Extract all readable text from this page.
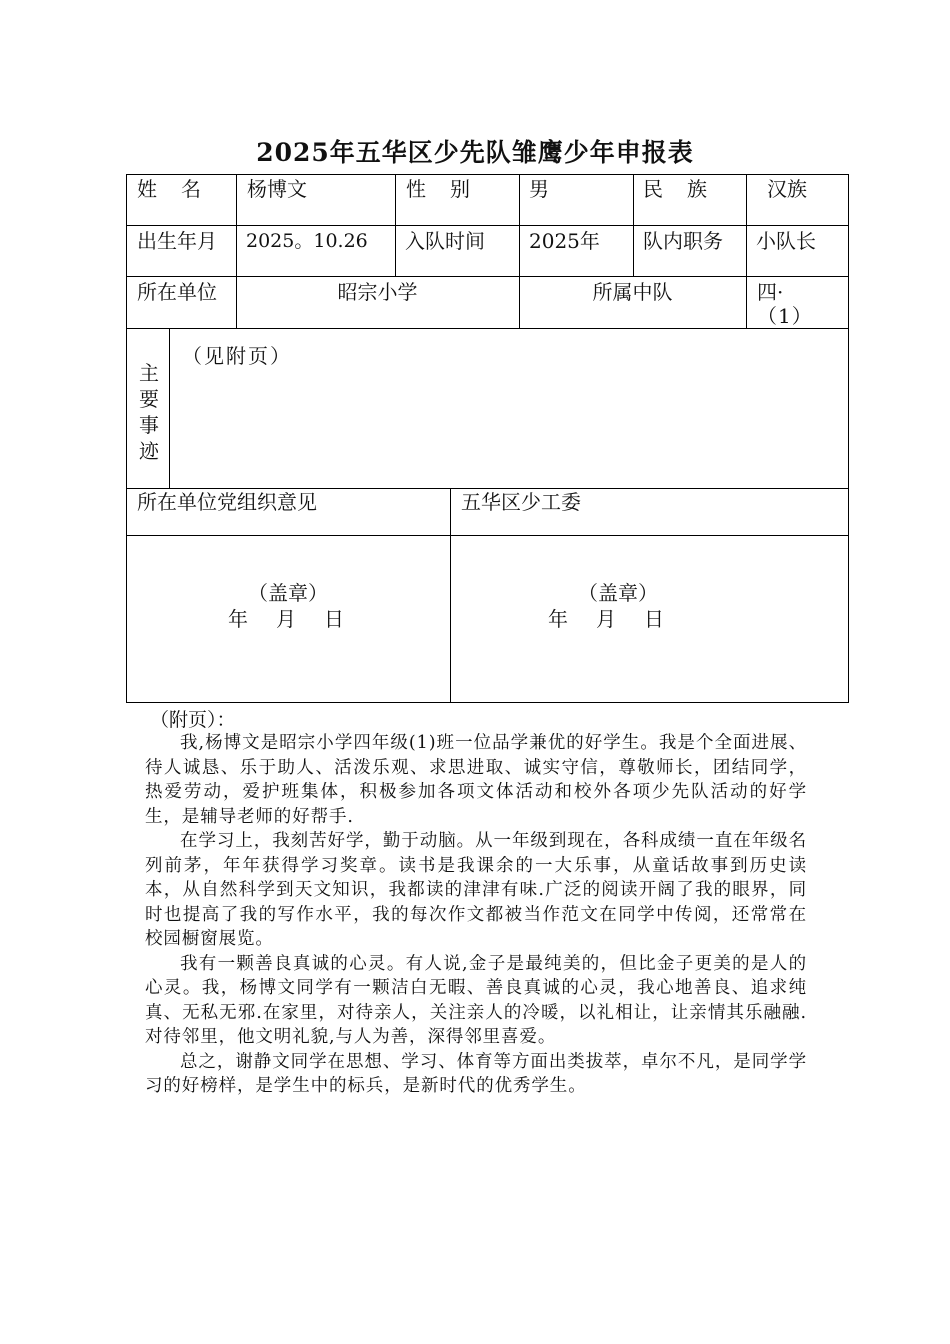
2025年五华区少先队雏鹰少年申报表
姓　名 杨博文	性　别	男	民　族	汉族
出生年月 2025。10.26 入队时间 2025年 队内职务 小队长
所在单位	昭宗小学	所属中队	四·
（1）
主
要
事
迹
（见附页）
所在单位党组织意见	五华区少工委
（盖章）
年　月　日
（盖章）
年　月　日
（附页）：

我,杨博文是昭宗小学四年级(1)班一位品学兼优的好学生。我是个全面进展、待人诚恳、乐于助人、活泼乐观、求思进取、诚实守信，尊敬师长，团结同学，热爱劳动，爱护班集体，积极参加各项文体活动和校外各项少先队活动的好学生，是辅导老师的好帮手.

在学习上，我刻苦好学，勤于动脑。从一年级到现在，各科成绩一直在年级名列前茅，年年获得学习奖章。读书是我课余的一大乐事，从童话故事到历史读本，从自然科学到天文知识，我都读的津津有味.广泛的阅读开阔了我的眼界，同时也提高了我的写作水平，我的每次作文都被当作范文在同学中传阅，还常常在校园橱窗展览。

我有一颗善良真诚的心灵。有人说,金子是最纯美的，但比金子更美的是人的心灵。我，杨博文同学有一颗洁白无暇、善良真诚的心灵，我心地善良、追求纯真、无私无邪.在家里，对待亲人，关注亲人的冷暖，以礼相让，让亲情其乐融融.对待邻里，他文明礼貌,与人为善，深得邻里喜爱。

总之，谢静文同学在思想、学习、体育等方面出类拔萃，卓尔不凡，是同学学习的好榜样，是学生中的标兵，是新时代的优秀学生。
